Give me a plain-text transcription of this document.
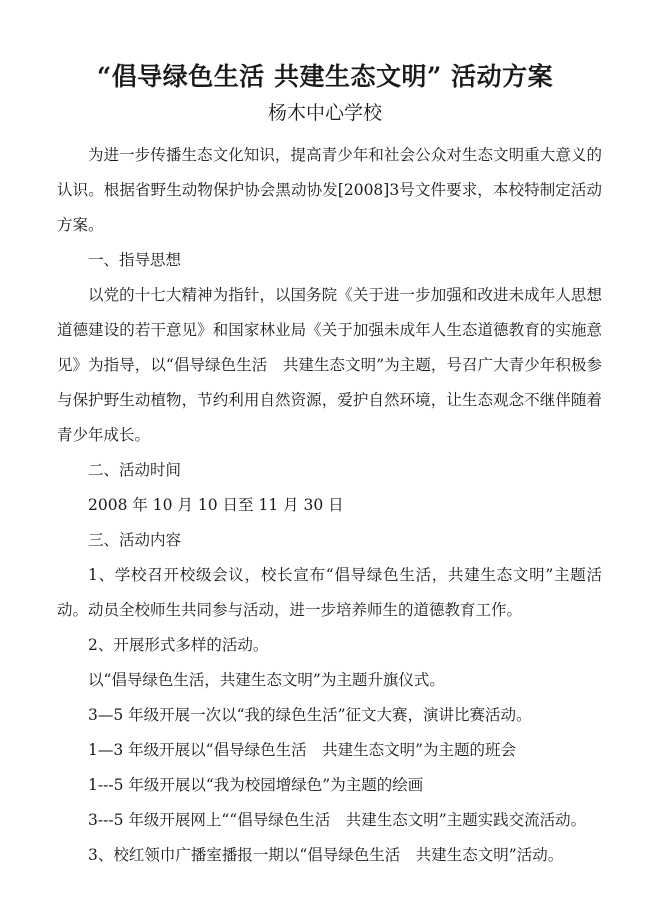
“倡导绿色生活 共建生态文明” 活动方案
杨木中心学校

为进一步传播生态文化知识，提高青少年和社会公众对生态文明重大意义的认识。根据省野生动物保护协会黑动协发[2008]3号文件要求，本校特制定活动方案。

一、指导思想

以党的十七大精神为指针，以国务院《关于进一步加强和改进未成年人思想道德建设的若干意见》和国家林业局《关于加强未成年人生态道德教育的实施意见》为指导，以“倡导绿色生活　共建生态文明”为主题，号召广大青少年积极参与保护野生动植物，节约利用自然资源，爱护自然环境，让生态观念不继伴随着青少年成长。

二、活动时间

2008 年 10 月 10 日至 11 月 30 日

三、活动内容

1、学校召开校级会议，校长宣布“倡导绿色生活，共建生态文明”主题活动。动员全校师生共同参与活动，进一步培养师生的道德教育工作。

2、开展形式多样的活动。

以“倡导绿色生活，共建生态文明”为主题升旗仪式。

3—5 年级开展一次以“我的绿色生活”征文大赛，演讲比赛活动。

1—3 年级开展以“倡导绿色生活　共建生态文明”为主题的班会

1---5 年级开展以“我为校园增绿色”为主题的绘画

3---5 年级开展网上““倡导绿色生活　共建生态文明”主题实践交流活动。

3、校红领巾广播室播报一期以“倡导绿色生活　共建生态文明”活动。
